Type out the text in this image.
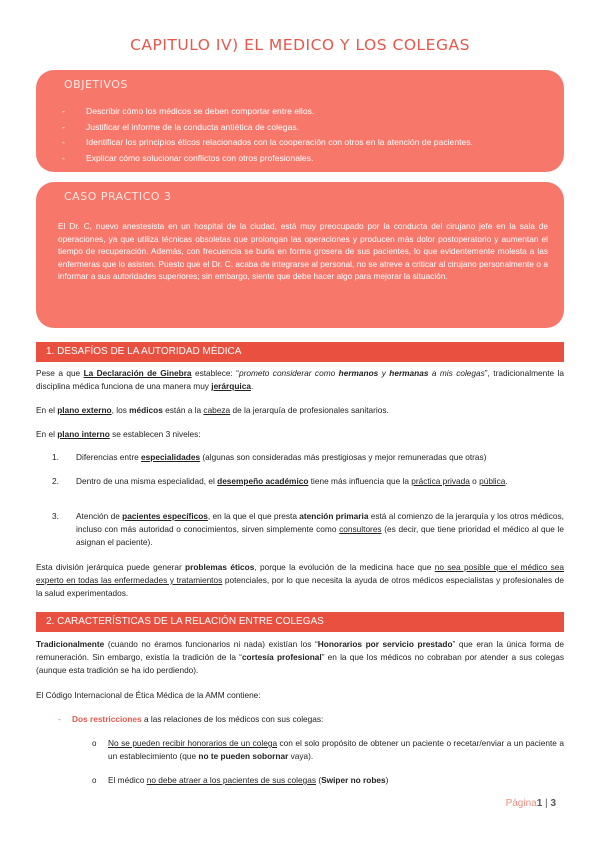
CAPITULO IV) EL MEDICO Y LOS COLEGAS
OBJETIVOS
- Describir cómo los médicos se deben comportar entre ellos.
- Justificar el informe de la conducta antiética de colegas.
- Identificar los principios éticos relacionados con la cooperación con otros en la atención de pacientes.
- Explicar cómo solucionar conflictos con otros profesionales.
CASO PRACTICO 3

El Dr. C, nuevo anestesista en un hospital de la ciudad, está muy preocupado por la conducta del cirujano jefe en la sala de operaciones, ya que utiliza técnicas obsoletas que prolongan las operaciones y producen más dolor postoperatorio y aumentan el tiempo de recuperación. Además, con frecuencia se burla en forma grosera de sus pacientes, lo que evidentemente molesta a las enfermeras que lo asisten. Puesto que el Dr. C. acaba de integrarse al personal, no se atreve a criticar al cirujano personalmente o a informar a sus autoridades superiores; sin embargo, siente que debe hacer algo para mejorar la situación.

1. DESAFÍOS DE LA AUTORIDAD MÉDICA

Pese a que La Declaración de Ginebra establece: “prometo considerar como hermanos y hermanas a mis colegas”, tradicionalmente la disciplina médica funciona de una manera muy jerárquica.

En el plano externo, los médicos están a la cabeza de la jerarquía de profesionales sanitarios.

En el plano interno se establecen 3 niveles:

1. Diferencias entre especialidades (algunas son consideradas más prestigiosas y mejor remuneradas que otras)

2. Dentro de una misma especialidad, el desempeño académico tiene más influencia que la práctica privada o pública.

3. Atención de pacientes específicos, en la que el que presta atención primaria está al comienzo de la jerarquía y los otros médicos, incluso con más autoridad o conocimientos, sirven simplemente como consultores (es decir, que tiene prioridad el médico al que le asignan el paciente).

Esta división jerárquica puede generar problemas éticos, porque la evolución de la medicina hace que no sea posible que el médico sea experto en todas las enfermedades y tratamientos potenciales, por lo que necesita la ayuda de otros médicos especialistas y profesionales de la salud experimentados.

2. CARACTERÍSTICAS DE LA RELACIÓN ENTRE COLEGAS

Tradicionalmente (cuando no éramos funcionarios ni nada) existían los “Honorarios por servicio prestado” que eran la única forma de remuneración. Sin embargo, existía la tradición de la “cortesía profesional” en la que los médicos no cobraban por atender a sus colegas (aunque esta tradición se ha ido perdiendo).

El Código Internacional de Ética Médica de la AMM contiene:

- Dos restricciones a las relaciones de los médicos con sus colegas:
o No se pueden recibir honorarios de un colega con el solo propósito de obtener un paciente o recetar/enviar a un paciente a un establecimiento (que no te pueden sobornar vaya).

o El médico no debe atraer a los pacientes de sus colegas (Swiper no robes)

Página1 | 3
